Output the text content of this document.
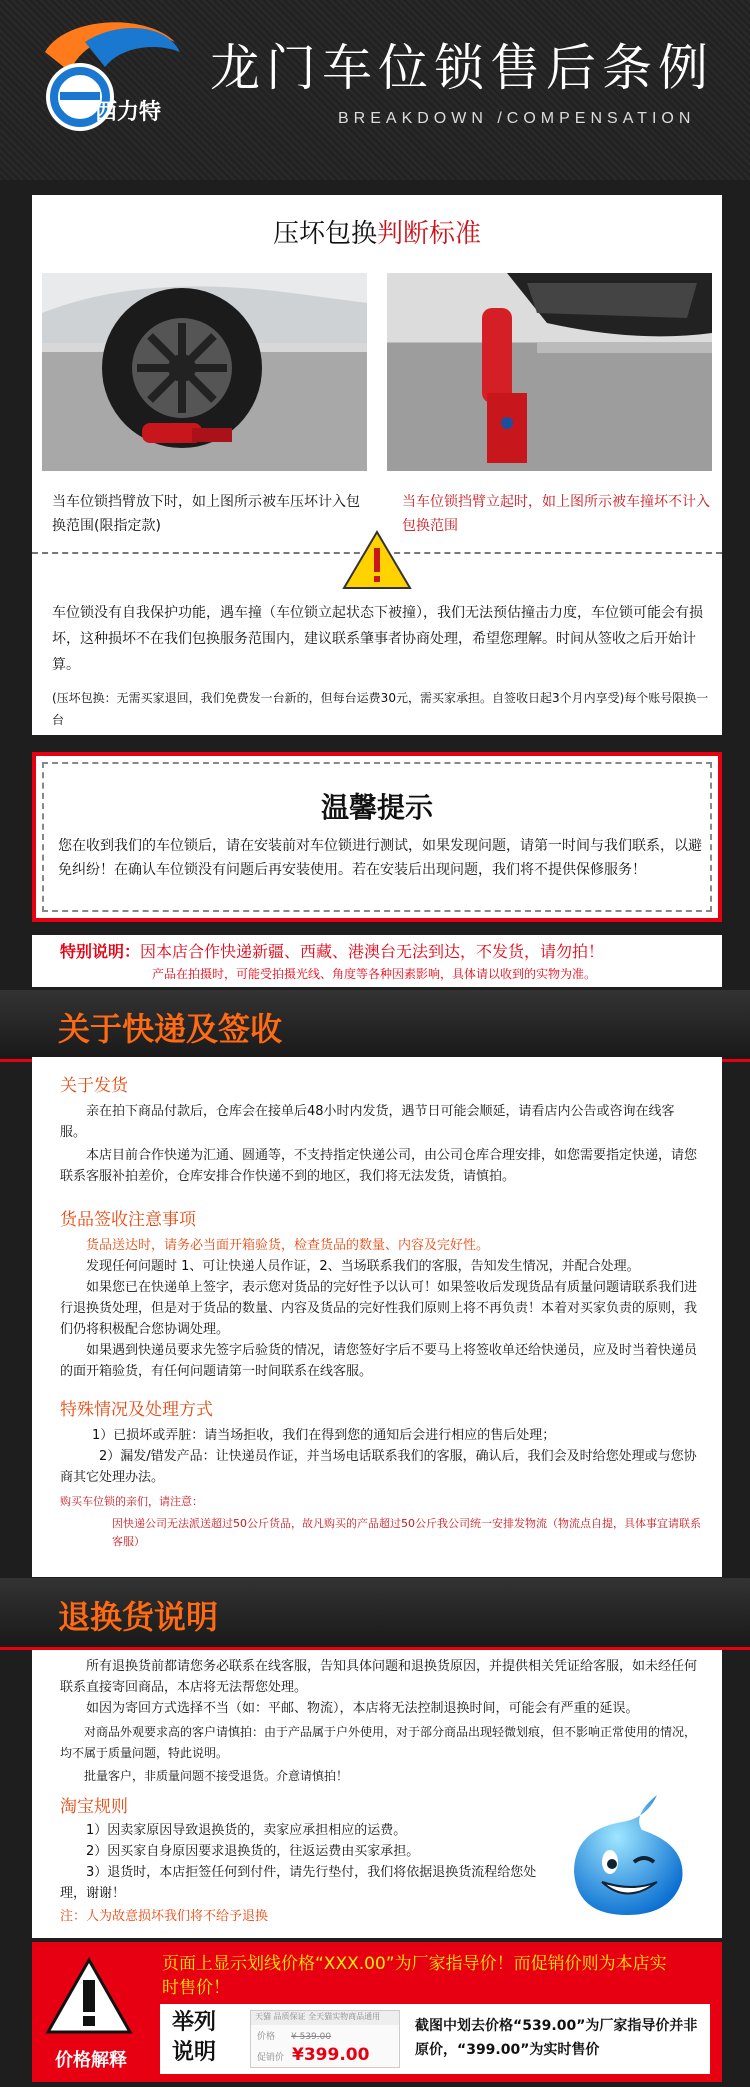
西力特
龙门车位锁售后条例
BREAKDOWN /COMPENSATION
压坏包换判断标准
当车位锁挡臂放下时，如上图所示被车压坏计入包换范围(限指定款)
当车位锁挡臂立起时，如上图所示被车撞坏不计入包换范围
车位锁没有自我保护功能，遇车撞（车位锁立起状态下被撞），我们无法预估撞击力度，车位锁可能会有损坏，这种损坏不在我们包换服务范围内，建议联系肇事者协商处理，希望您理解。时间从签收之后开始计算。
(压坏包换：无需买家退回，我们免费发一台新的，但每台运费30元，需买家承担。自签收日起3个月内享受)每个账号限换一台
温馨提示
您在收到我们的车位锁后，请在安装前对车位锁进行测试，如果发现问题，请第一时间与我们联系，以避免纠纷！在确认车位锁没有问题后再安装使用。若在安装后出现问题，我们将不提供保修服务！
特别说明：因本店合作快递新疆、西藏、港澳台无法到达，不发货，请勿拍！
产品在拍摄时，可能受拍摄光线、角度等各种因素影响，具体请以收到的实物为准。
关于快递及签收
关于发货
亲在拍下商品付款后，仓库会在接单后48小时内发货，遇节日可能会顺延，请看店内公告或咨询在线客服。
本店目前合作快递为汇通、圆通等，不支持指定快递公司，由公司仓库合理安排，如您需要指定快递，请您联系客服补拍差价，仓库安排合作快递不到的地区，我们将无法发货，请慎拍。
货品签收注意事项
货品送达时，请务必当面开箱验货，检查货品的数量、内容及完好性。
发现任何问题时 1、可让快递人员作证，2、当场联系我们的客服，告知发生情况，并配合处理。
如果您已在快递单上签字，表示您对货品的完好性予以认可！如果签收后发现货品有质量问题请联系我们进行退换货处理，但是对于货品的数量、内容及货品的完好性我们原则上将不再负责！本着对买家负责的原则，我们仍将积极配合您协调处理。
如果遇到快递员要求先签字后验货的情况，请您签好字后不要马上将签收单还给快递员，应及时当着快递员的面开箱验货，有任何问题请第一时间联系在线客服。
特殊情况及处理方式
1）已损坏或弄脏：请当场拒收，我们在得到您的通知后会进行相应的售后处理；
2）漏发/错发产品：让快递员作证，并当场电话联系我们的客服，确认后，我们会及时给您处理或与您协商其它处理办法。
购买车位锁的亲们，请注意：
因快递公司无法派送超过50公斤货品，故凡购买的产品超过50公斤我公司统一安排发物流（物流点自提，具体事宜请联系客服）
退换货说明
所有退换货前都请您务必联系在线客服，告知具体问题和退换货原因，并提供相关凭证给客服，如未经任何联系直接寄回商品，本店将无法帮您处理。
如因为寄回方式选择不当（如：平邮、物流），本店将无法控制退换时间，可能会有严重的延误。
对商品外观要求高的客户请慎拍：由于产品属于户外使用，对于部分商品出现轻微划痕，但不影响正常使用的情况，均不属于质量问题，特此说明。
批量客户，非质量问题不接受退货。介意请慎拍！
淘宝规则
1）因卖家原因导致退换货的，卖家应承担相应的运费。
2）因买家自身原因要求退换货的，往返运费由买家承担。
3）退货时，本店拒签任何到付件，请先行垫付，我们将依据退换货流程给您处理，谢谢！
注：人为故意损坏我们将不给予退换
价格解释
页面上显示划线价格“XXX.00”为厂家指导价！而促销价则为本店实时售价！
举列说明
天猫 品质保证 全天猫实物商品通用
价格 ¥ 539.00
促销价 ¥399.00
截图中划去价格“539.00”为厂家指导价并非原价，“399.00”为实时售价
